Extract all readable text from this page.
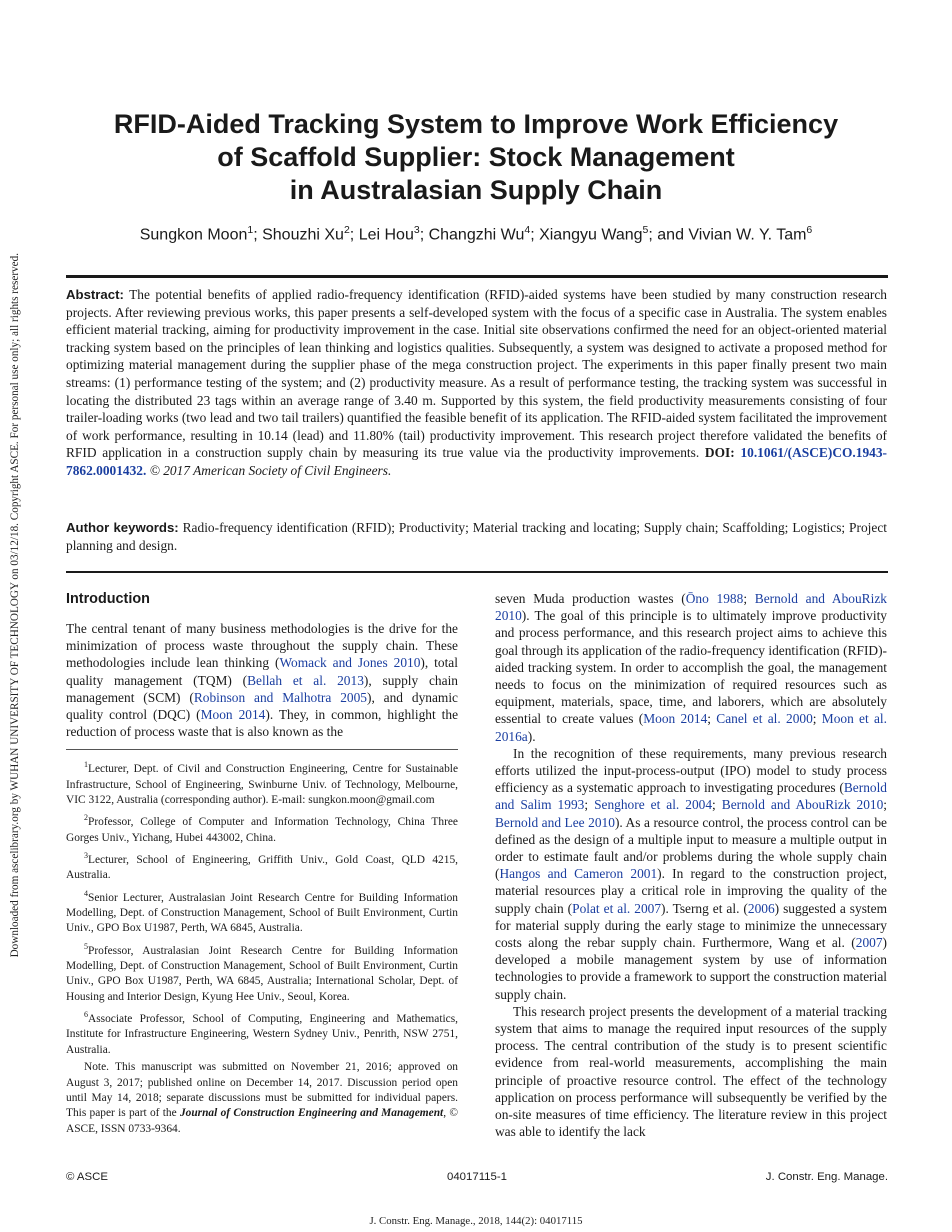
Downloaded from ascelibrary.org by WUHAN UNIVERSITY OF TECHNOLOGY on 03/12/18. Copyright ASCE. For personal use only; all rights reserved.
RFID-Aided Tracking System to Improve Work Efficiency
of Scaffold Supplier: Stock Management
in Australasian Supply Chain
Sungkon Moon$^1$; Shouzhi Xu$^2$; Lei Hou$^3$; Changzhi Wu$^4$; Xiangyu Wang$^5$; and Vivian W. Y. Tam$^6$

Abstract: The potential benefits of applied radio-frequency identification (RFID)-aided systems have been studied by many construction research projects. After reviewing previous works, this paper presents a self-developed system with the focus of a specific case in Australia. The system enables efficient material tracking, aiming for productivity improvement in the case. Initial site observations confirmed the need for an object-oriented material tracking system based on the principles of lean thinking and logistics qualities. Subsequently, a system was designed to activate a proposed method for optimizing material management during the supplier phase of the mega construction project. The experiments in this paper finally present two main streams: (1) performance testing of the system; and (2) productivity measure. As a result of performance testing, the tracking system was successful in locating the distributed 23 tags within an average range of 3.40 m. Supported by this system, the field productivity measurements consisting of four trailer-loading works (two lead and two tail trailers) quantified the feasible benefit of its application. The RFID-aided system facilitated the improvement of work performance, resulting in 10.14 (lead) and 11.80% (tail) productivity improvement. This research project therefore validated the benefits of RFID application in a construction supply chain by measuring its true value via the productivity improvements. DOI: 10.1061/(ASCE)CO.1943-7862.0001432. © 2017 American Society of Civil Engineers.

Author keywords: Radio-frequency identification (RFID); Productivity; Material tracking and locating; Supply chain; Scaffolding; Logistics; Project planning and design.

Introduction

The central tenant of many business methodologies is the drive for the minimization of process waste throughout the supply chain. These methodologies include lean thinking (Womack and Jones 2010), total quality management (TQM) (Bellah et al. 2013), supply chain management (SCM) (Robinson and Malhotra 2005), and dynamic quality control (DQC) (Moon 2014). They, in common, highlight the reduction of process waste that is also known as the

$^1$Lecturer, Dept. of Civil and Construction Engineering, Centre for Sustainable Infrastructure, School of Engineering, Swinburne Univ. of Technology, Melbourne, VIC 3122, Australia (corresponding author). E-mail: sungkon.moon@gmail.com

$^2$Professor, College of Computer and Information Technology, China Three Gorges Univ., Yichang, Hubei 443002, China.

$^3$Lecturer, School of Engineering, Griffith Univ., Gold Coast, QLD 4215, Australia.

$^4$Senior Lecturer, Australasian Joint Research Centre for Building Information Modelling, Dept. of Construction Management, School of Built Environment, Curtin Univ., GPO Box U1987, Perth, WA 6845, Australia.

$^5$Professor, Australasian Joint Research Centre for Building Information Modelling, Dept. of Construction Management, School of Built Environment, Curtin Univ., GPO Box U1987, Perth, WA 6845, Australia; International Scholar, Dept. of Housing and Interior Design, Kyung Hee Univ., Seoul, Korea.

$^6$Associate Professor, School of Computing, Engineering and Mathematics, Institute for Infrastructure Engineering, Western Sydney Univ., Penrith, NSW 2751, Australia.

Note. This manuscript was submitted on November 21, 2016; approved on August 3, 2017; published online on December 14, 2017. Discussion period open until May 14, 2018; separate discussions must be submitted for individual papers. This paper is part of the Journal of Construction Engineering and Management, © ASCE, ISSN 0733-9364.

seven Muda production wastes (Ōno 1988; Bernold and AbouRizk 2010). The goal of this principle is to ultimately improve productivity and process performance, and this research project aims to achieve this goal through its application of the radio-frequency identification (RFID)-aided tracking system. In order to accomplish the goal, the management needs to focus on the minimization of required resources such as equipment, materials, space, time, and laborers, which are absolutely essential to create values (Moon 2014; Canel et al. 2000; Moon et al. 2016a).

In the recognition of these requirements, many previous research efforts utilized the input-process-output (IPO) model to study process efficiency as a systematic approach to investigating procedures (Bernold and Salim 1993; Senghore et al. 2004; Bernold and AbouRizk 2010; Bernold and Lee 2010). As a resource control, the process control can be defined as the design of a multiple input to measure a multiple output in order to estimate fault and/or problems during the whole supply chain (Hangos and Cameron 2001). In regard to the construction project, material resources play a critical role in improving the quality of the supply chain (Polat et al. 2007). Tserng et al. (2006) suggested a system for material supply during the early stage to minimize the unnecessary costs along the rebar supply chain. Furthermore, Wang et al. (2007) developed a mobile management system by use of information technologies to provide a framework to support the construction material supply chain.

This research project presents the development of a material tracking system that aims to manage the required input resources of the supply process. The central contribution of the study is to present scientific evidence from real-world measurements, accomplishing the main principle of proactive resource control. The effect of the technology application on process performance will subsequently be verified by the on-site measures of time efficiency. The literature review in this project was able to identify the lack

© ASCE	04017115-1	J. Constr. Eng. Manage.
J. Constr. Eng. Manage., 2018, 144(2): 04017115
